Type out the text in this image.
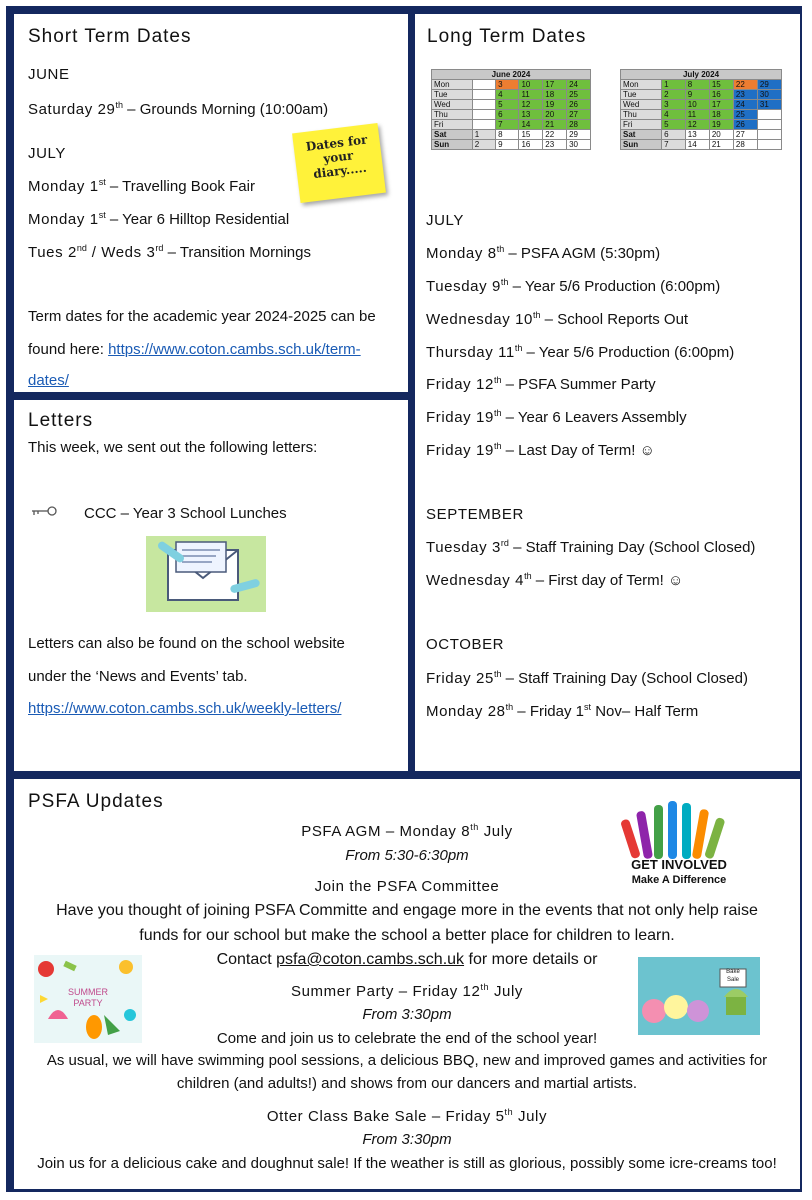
Short Term Dates
JUNE
Saturday 29th – Grounds Morning (10:00am)
JULY
Monday 1st – Travelling Book Fair
Monday 1st – Year 6 Hilltop Residential
Tues 2nd / Weds 3rd – Transition Mornings
Dates for your diary.....
Term dates for the academic year 2024-2025 can be
found here: https://www.coton.cambs.sch.uk/term-
dates/
Long Term Dates
June 2024					
Mon		3	10	17	24
Tue		4	11	18	25
Wed		5	12	19	26
Thu		6	13	20	27
Fri		7	14	21	28
Sat	1	8	15	22	29
Sun	2	9	16	23	30
July 2024					
Mon	1	8	15	22	29
Tue	2	9	16	23	30
Wed	3	10	17	24	31
Thu	4	11	18	25	
Fri	5	12	19	26	
Sat	6	13	20	27	
Sun	7	14	21	28	
JULY
Monday 8th – PSFA AGM (5:30pm)
Tuesday 9th – Year 5/6 Production (6:00pm)
Wednesday 10th – School Reports Out
Thursday 11th – Year 5/6 Production (6:00pm)
Friday 12th – PSFA Summer Party
Friday 19th – Year 6 Leavers Assembly
Friday 19th – Last Day of Term! ☺
SEPTEMBER
Tuesday 3rd – Staff Training Day (School Closed)
Wednesday 4th – First day of Term! ☺
OCTOBER
Friday 25th – Staff Training Day (School Closed)
Monday 28th – Friday 1st Nov– Half Term
Letters
This week, we sent out the following letters:
CCC – Year 3 School Lunches
Letters can also be found on the school website
under the ‘News and Events’ tab.
https://www.coton.cambs.sch.uk/weekly-letters/
PSFA Updates
PSFA AGM – Monday 8th July
From 5:30-6:30pm
Join the PSFA Committee
Have you thought of joining PSFA Committe and engage more in the events that not only help raise
funds for our school but make the school a better place for children to learn.
Contact psfa@coton.cambs.sch.uk for more details or
Summer Party – Friday 12th July
From 3:30pm
Come and join us to celebrate the end of the school year!
As usual, we will have swimming pool sessions, a delicious BBQ, new and improved games and activities for
children (and adults!) and shows from our dancers and martial artists.
Otter Class Bake Sale – Friday 5th July
From 3:30pm
Join us for a delicious cake and doughnut sale! If the weather is still as glorious, possibly some icre-creams too!
GET INVOLVED
Make A Difference
SUMMER
PARTY
Bake
Sale
